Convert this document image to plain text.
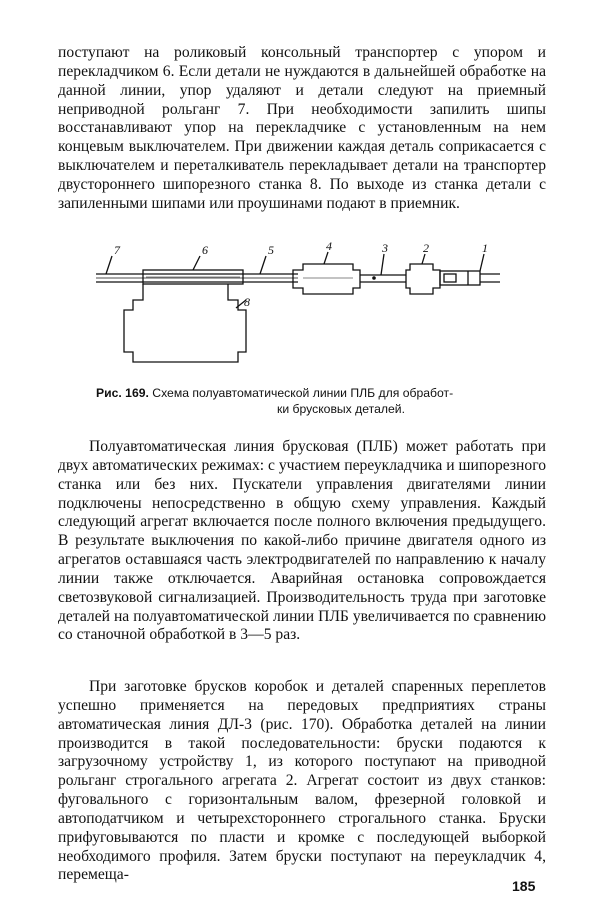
поступают на роликовый консольный транспортер с упором и перекладчиком 6. Если детали не нуждаются в дальнейшей обработке на данной линии, упор удаляют и детали следуют на приемный неприводной рольганг 7. При необходимости запилить шипы восстанавливают упор на перекладчике с установленным на нем концевым выключателем. При движении каждая деталь соприкасается с выключателем и переталкиватель перекладывает детали на транспортер двустороннего шипорезного станка 8. По выходе из станка детали с запиленными шипами или проушинами подают в приемник.

7	6	5	4	3	2	1
8
Рис. 169. Схема полуавтоматической линии ПЛБ для обработ-
ки брусковых деталей.

Полуавтоматическая линия брусковая (ПЛБ) может работать при двух автоматических режимах: с участием переукладчика и шипорезного станка или без них. Пускатели управления двигателями линии подключены непосредственно в общую схему управления. Каждый следующий агрегат включается после полного включения предыдущего. В результате выключения по какой-либо причине двигателя одного из агрегатов оставшаяся часть электродвигателей по направлению к началу линии также отключается. Аварийная остановка сопровождается светозвуковой сигнализацией. Производительность труда при заготовке деталей на полуавтоматической линии ПЛБ увеличивается по сравнению со станочной обработкой в 3—5 раз.

При заготовке брусков коробок и деталей спаренных переплетов успешно применяется на передовых предприятиях страны автоматическая линия ДЛ-3 (рис. 170). Обработка деталей на линии производится в такой последовательности: бруски подаются к загрузочному устройству 1, из которого поступают на приводной рольганг строгального агрегата 2. Агрегат состоит из двух станков: фуговального с горизонтальным валом, фрезерной головкой и автоподатчиком и четырехстороннего строгального станка. Бруски прифуговываются по пласти и кромке с последующей выборкой необходимого профиля. Затем бруски поступают на переукладчик 4, перемеща-

185
